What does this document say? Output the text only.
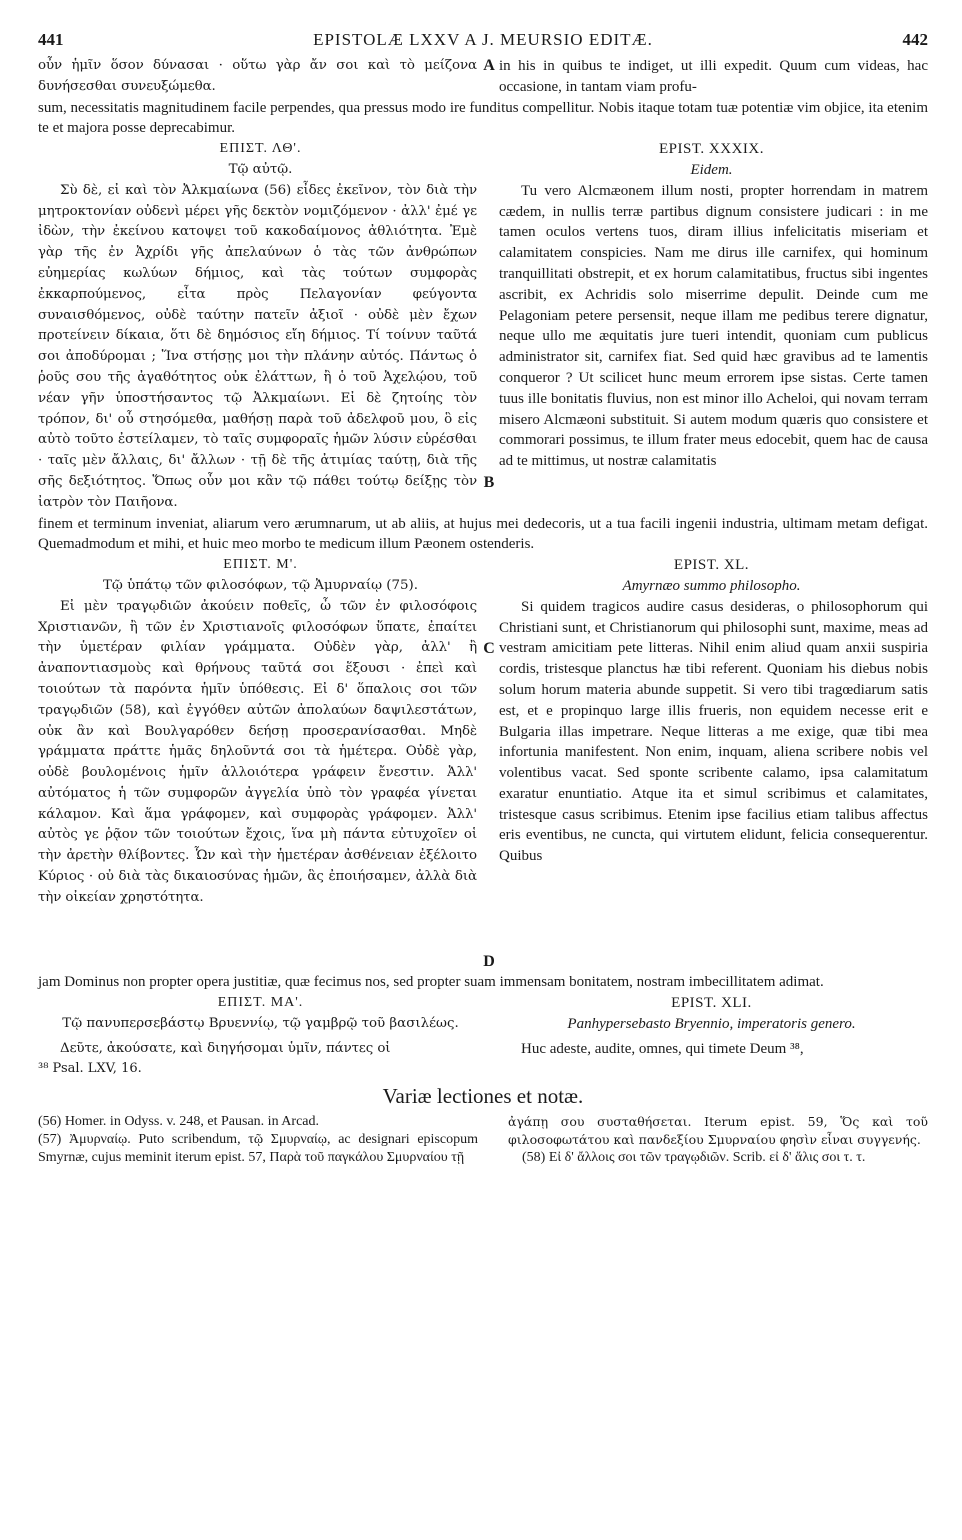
441	EPISTOLÆ LXXV A J. MEURSIO EDITÆ.	442

οὖν ἡμῖν ὅσον δύνασαι · οὕτω γὰρ ἄν σοι καὶ τὸ μείζονα δυνήσεσθαι συνευξώμεθα.

A in his in quibus te indiget, ut illi expedit. Quum cum videas, hac occasione, in tantam viam profu-

sum, necessitatis magnitudinem facile perpendes, qua pressus modo ire funditus compellitur. Nobis itaque totam tuæ potentiæ vim objice, ita etenim te et majora posse deprecabimur.

ΕΠΙΣΤ. ΛΘ'.	EPIST. XXXIX.
Τῷ αὐτῷ.	Eidem.

Σὺ δὲ, εἰ καὶ τὸν Ἀλκμαίωνα (56) εἶδες ἐκεῖνον, τὸν διὰ τὴν μητροκτονίαν οὐδενὶ μέρει γῆς δεκτὸν νομιζόμενον · ἀλλ' ἐμέ γε ἰδὼν, τὴν ἐκείνου κατοψει τοῦ κακοδαίμονος ἀθλιότητα. Ἐμὲ γὰρ τῆς ἐν Ἀχρίδι γῆς ἀπελαύνων ὁ τὰς τῶν ἀνθρώπων εὐημερίας κωλύων δήμιος, καὶ τὰς τούτων συμφορὰς ἐκκαρπούμενος, εἶτα πρὸς Πελαγονίαν φεύγοντα συναισθόμενος, οὐδὲ ταύτην πατεῖν ἀξιοῖ · οὐδὲ μὲν ἔχων προτείνειν δίκαια, ὅτι δὲ δημόσιος εἴη δήμιος. Τί τοίνυν ταῦτά σοι ἀποδύρομαι ; Ἵνα στήσῃς μοι τὴν πλάνην αὐτός. Πάντως ὁ ῥοῦς σου τῆς ἀγαθότητος οὐκ ἐλάττων, ἢ ὁ τοῦ Ἀχελῴου, τοῦ νέαν γῆν ὑποστήσαντος τῷ Ἀλκμαίωνι. Εἰ δὲ ζητοίης τὸν τρόπον, δι' οὗ στησόμεθα, μαθήσῃ παρὰ τοῦ ἀδελφοῦ μου, ὃ εἰς αὐτὸ τοῦτο ἐστείλαμεν, τὸ ταῖς συμφοραῖς ἡμῶν λύσιν εὑρέσθαι · ταῖς μὲν ἄλλαις, δι' ἄλλων · τῇ δὲ τῆς ἀτιμίας ταύτῃ, διὰ τῆς σῆς δεξιότητος. Ὅπως οὖν μοι κἂν τῷ πάθει τούτῳ δείξῃς τὸν ἰατρὸν τὸν Παιῆονα.

B

Tu vero Alcmæonem illum nosti, propter horrendam in matrem cædem, in nullis terræ partibus dignum consistere judicari : in me tamen oculos vertens tuos, diram illius infelicitatis miseriam et calamitatem conspicies. Nam me dirus ille carnifex, qui hominum tranquillitati obstrepit, et ex horum calamitatibus, fructus sibi ingentes ascribit, ex Achridis solo miserrime depulit. Deinde cum me Pelagoniam petere persensit, neque illam me pedibus terere dignatur, neque ullo me æquitatis jure tueri intendit, quoniam cum publicus administrator sit, carnifex fiat. Sed quid hæc gravibus ad te lamentis conqueror ? Ut scilicet hunc meum errorem ipse sistas. Certe tamen tuus ille bonitatis fluvius, non est minor illo Acheloi, qui novam terram misero Alcmæoni substituit. Si autem modum quæris quo consistere et commorari possimus, te illum frater meus edocebit, quem hac de causa ad te mittimus, ut nostræ calamitatis

finem et terminum inveniat, aliarum vero ærumnarum, ut ab aliis, at hujus mei dedecoris, ut a tua facili ingenii industria, ultimam metam defigat. Quemadmodum et mihi, et huic meo morbo te medicum illum Pæonem ostenderis.

ΕΠΙΣΤ. Μ'.	EPIST. XL.
Τῷ ὑπάτῳ τῶν φιλοσόφων, τῷ Ἀμυρναίῳ (75).	Amyrnæo summo philosopho.

Εἰ μὲν τραγῳδιῶν ἀκούειν ποθεῖς, ὦ τῶν ἐν φιλοσόφοις Χριστιανῶν, ἢ τῶν ἐν Χριστιανοῖς φιλοσόφων ὕπατε, ἐπαίτει τὴν ὑμετέραν φιλίαν γράμματα. Οὐδὲν γὰρ, ἀλλ' ἢ ἀναποντιασμοὺς καὶ θρήνους ταῦτά σοι ἕξουσι · ἐπεὶ καὶ τοιούτων τὰ παρόντα ἡμῖν ὑπόθεσις. Εἰ δ' ὅπαλοις σοι τῶν τραγῳδιῶν (58), καὶ ἐγγόθεν αὐτῶν ἀπολαύων δαψιλεστάτων, οὐκ ἂν καὶ Βουλγαρόθεν δεήσῃ προσερανίσασθαι. Μηδὲ γράμματα πράττε ἡμᾶς δηλοῦντά σοι τὰ ἡμέτερα. Οὐδὲ γὰρ, οὐδὲ βουλομένοις ἡμῖν ἀλλοιότερα γράφειν ἔνεστιν. Ἀλλ' αὐτόματος ἡ τῶν συμφορῶν ἀγγελία ὑπὸ τὸν γραφέα γίνεται κάλαμον. Καὶ ἅμα γράφομεν, καὶ συμφορὰς γράφομεν. Ἀλλ' αὐτὸς γε ῥᾷον τῶν τοιούτων ἔχοις, ἵνα μὴ πάντα εὐτυχοῖεν οἱ τὴν ἀρετὴν θλίβοντες. Ὧν καὶ τὴν ἡμετέραν ἀσθένειαν ἐξέλοιτο Κύριος · οὐ διὰ τὰς δικαιοσύνας ἡμῶν, ἃς ἐποιήσαμεν, ἀλλὰ διὰ τὴν οἰκείαν χρηστότητα.

C
D

Si quidem tragicos audire casus desideras, o philosophorum qui Christiani sunt, et Christianorum qui philosophi sunt, maxime, meas ad vestram amicitiam pete litteras. Nihil enim aliud quam anxii suspiria cordis, tristesque planctus hæ tibi referent. Quoniam his diebus nobis solum horum materia abunde suppetit. Si vero tibi tragœdiarum satis est, et e propinquo large illis frueris, non equidem necesse erit e Bulgaria illas impetrare. Neque litteras a me exige, quæ tibi mea infortunia manifestent. Non enim, inquam, aliena scribere nobis vel volentibus vacat. Sed sponte scribente calamo, ipsa calamitatum exaratur enuntiatio. Atque ita et simul scribimus et calamitates, tristesque casus scribimus. Etenim ipse facilius etiam talibus affectus eris eventibus, ne cuncta, qui virtutem elidunt, felicia consequerentur. Quibus

jam Dominus non propter opera justitiæ, quæ fecimus nos, sed propter suam immensam bonitatem, nostram imbecillitatem adimat.

ΕΠΙΣΤ. ΜΑ'.	EPIST. XLI.
Τῷ πανυπερσεβάστῳ Βρυεννίῳ, τῷ γαμβρῷ τοῦ βασιλέως.	Panhypersebasto Bryennio, imperatoris genero.

Δεῦτε, ἀκούσατε, καὶ διηγήσομαι ὑμῖν, πάντες οἱ	Huc adeste, audite, omnes, qui timete Deum ³⁸,

³⁸ Psal. LXV, 16.

Variæ lectiones et notæ.

(56) Homer. in Odyss. v. 248, et Pausan. in Arcad.

(57) Ἀμυρναίῳ. Puto scribendum, τῷ Σμυρναίῳ, ac designari episcopum Smyrnæ, cujus meminit iterum epist. 57, Παρὰ τοῦ παγκάλου Σμυρναίου τῇ

ἀγάπῃ σου συσταθήσεται. Iterum epist. 59, Ὅς καὶ τοῦ φιλοσοφωτάτου καὶ πανδεξίου Σμυρναίου φησὶν εἶναι συγγενής.

(58) Εἰ δ' ἄλλοις σοι τῶν τραγῳδιῶν. Scrib. εἰ δ' ἅλις σοι τ. τ.
